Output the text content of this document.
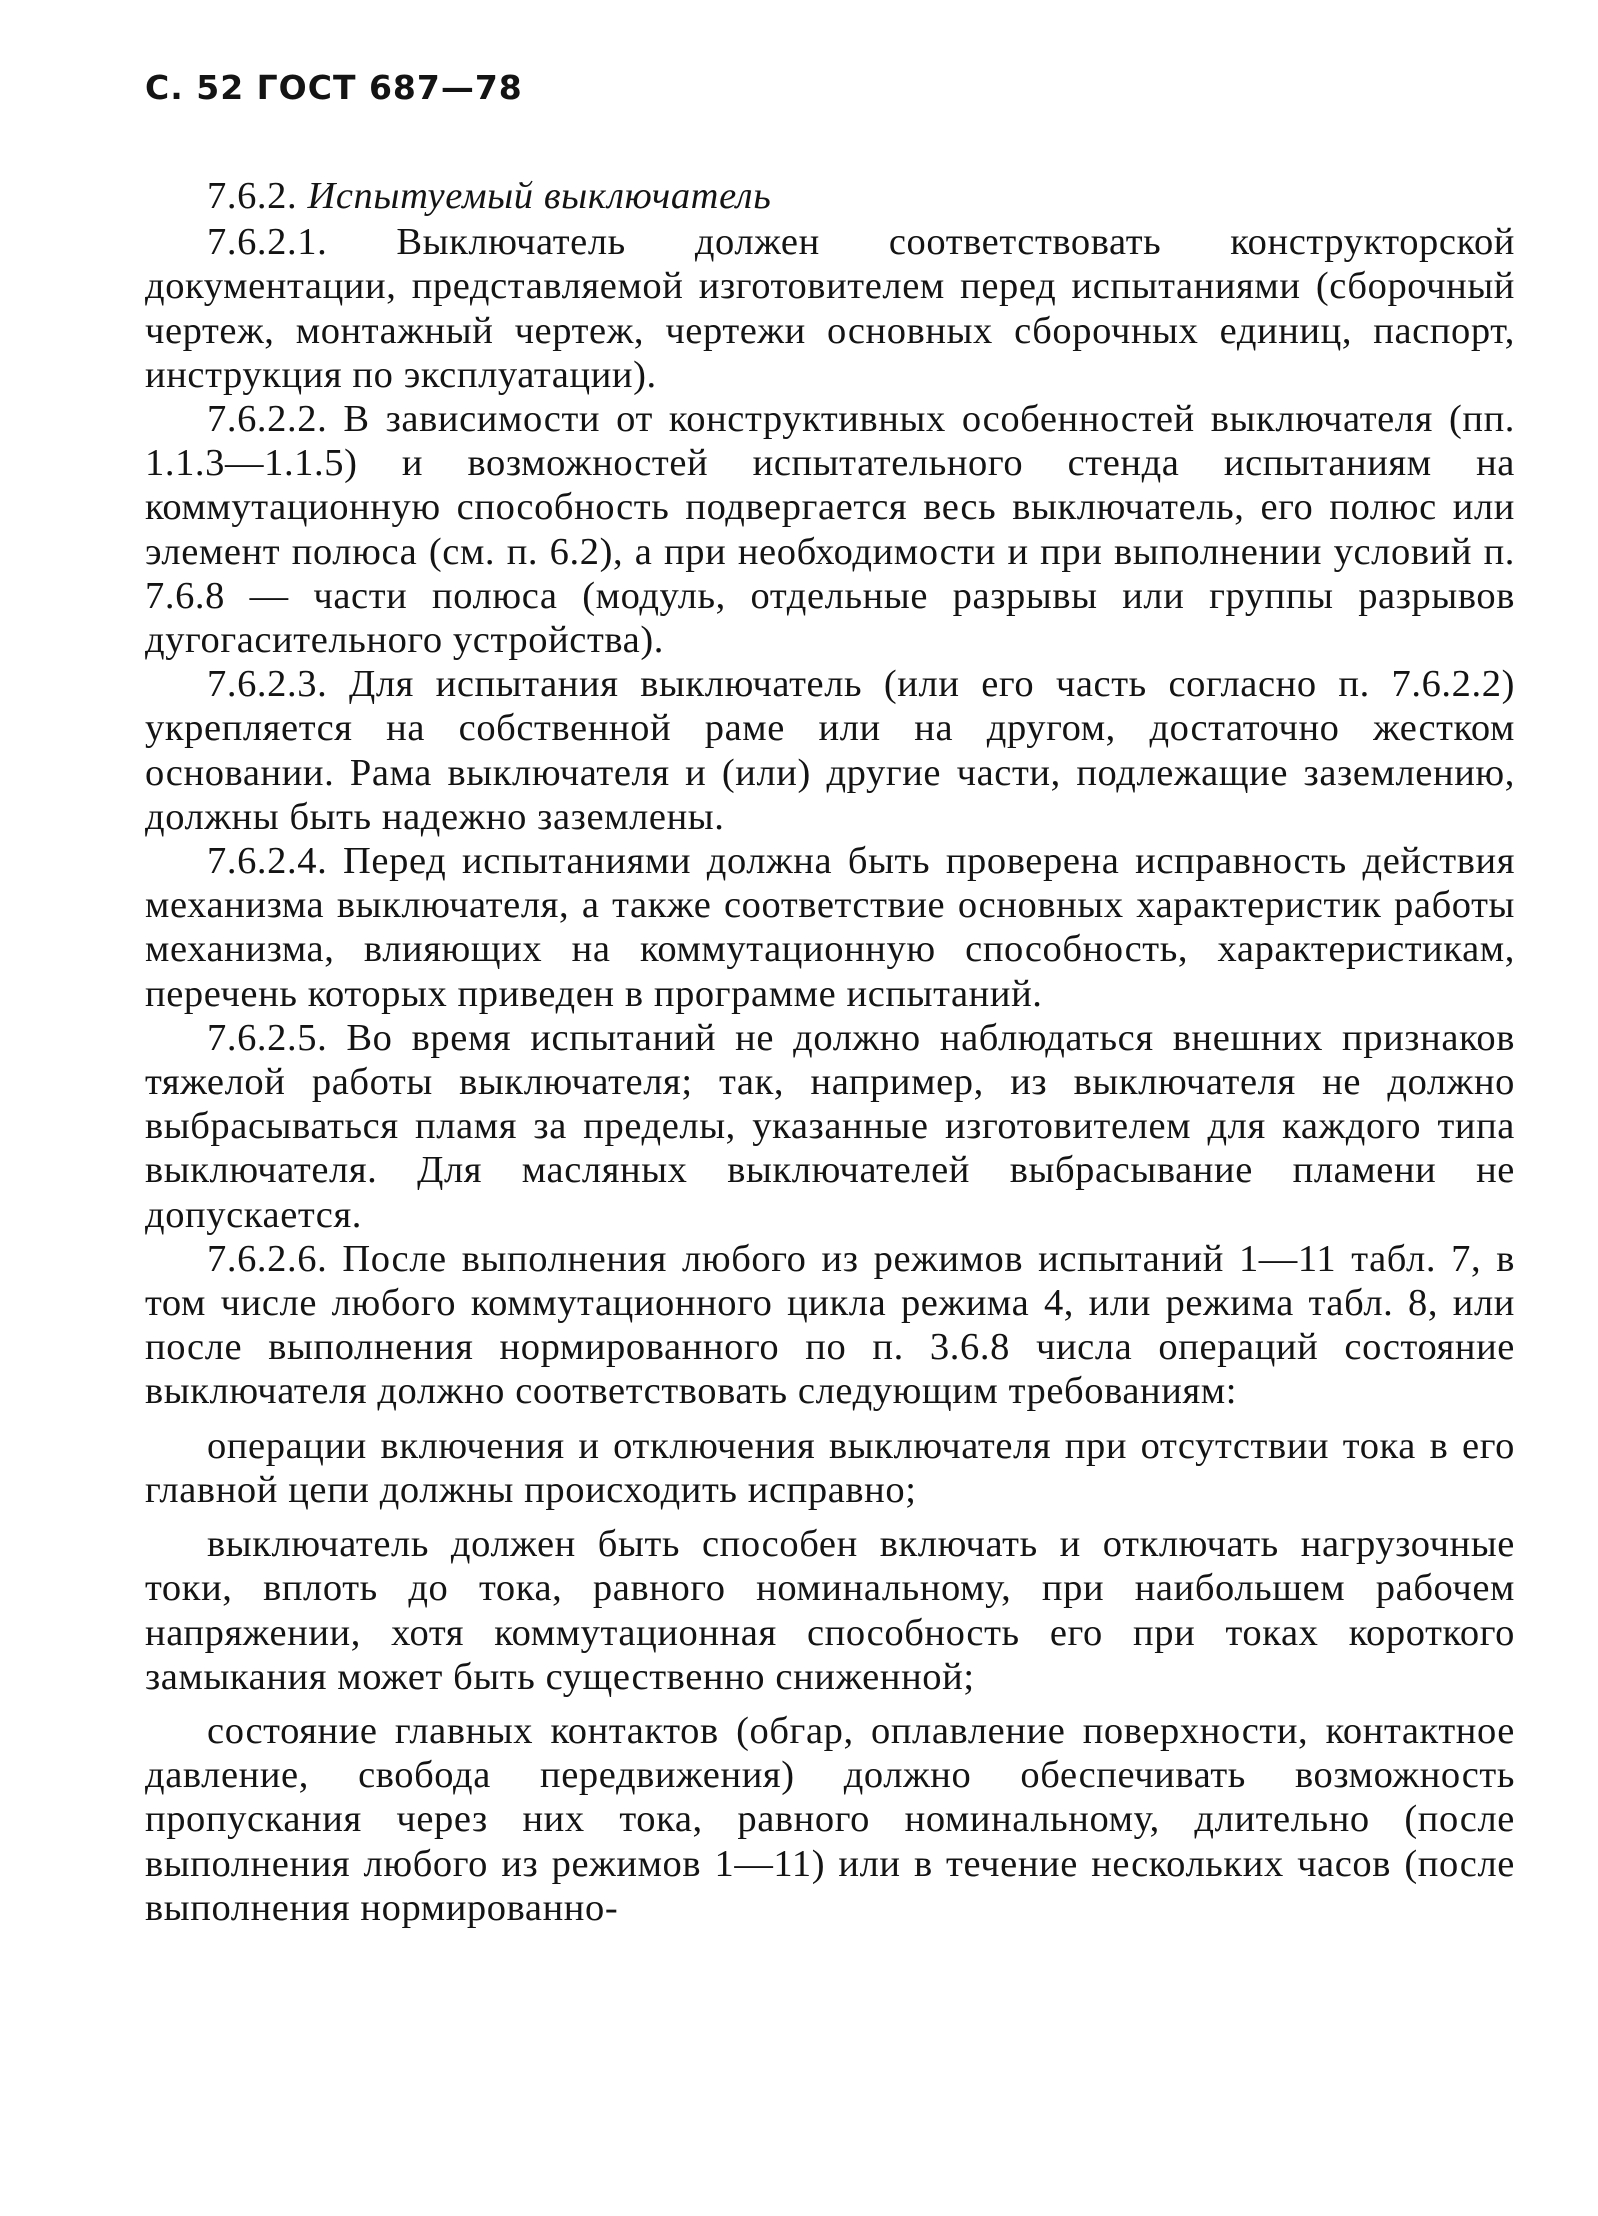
С. 52 ГОСТ 687—78

7.6.2. Испытуемый выключатель

7.6.2.1. Выключатель должен соответствовать конструкторской документации, представляемой изготовителем перед испытаниями (сборочный чертеж, монтажный чертеж, чертежи основных сборочных единиц, паспорт, инструкция по эксплуатации).

7.6.2.2. В зависимости от конструктивных особенностей выключателя (пп. 1.1.3—1.1.5) и возможностей испытательного стенда испытаниям на коммутационную способность подвергается весь выключатель, его полюс или элемент полюса (см. п. 6.2), а при необходимости и при выполнении условий п. 7.6.8 — части полюса (модуль, отдельные разрывы или группы разрывов дугогасительного устройства).

7.6.2.3. Для испытания выключатель (или его часть согласно п. 7.6.2.2) укрепляется на собственной раме или на другом, достаточно жестком основании. Рама выключателя и (или) другие части, подлежащие заземлению, должны быть надежно заземлены.

7.6.2.4. Перед испытаниями должна быть проверена исправность действия механизма выключателя, а также соответствие основных характеристик работы механизма, влияющих на коммутационную способность, характеристикам, перечень которых приведен в программе испытаний.

7.6.2.5. Во время испытаний не должно наблюдаться внешних признаков тяжелой работы выключателя; так, например, из выключателя не должно выбрасываться пламя за пределы, указанные изготовителем для каждого типа выключателя. Для масляных выключателей выбрасывание пламени не допускается.

7.6.2.6. После выполнения любого из режимов испытаний 1—11 табл. 7, в том числе любого коммутационного цикла режима 4, или режима табл. 8, или после выполнения нормированного по п. 3.6.8 числа операций состояние выключателя должно соответствовать следующим требованиям:

операции включения и отключения выключателя при отсутствии тока в его главной цепи должны происходить исправно;

выключатель должен быть способен включать и отключать нагрузочные токи, вплоть до тока, равного номинальному, при наибольшем рабочем напряжении, хотя коммутационная способность его при токах короткого замыкания может быть существенно сниженной;

состояние главных контактов (обгар, оплавление поверхности, контактное давление, свобода передвижения) должно обеспечивать возможность пропускания через них тока, равного номинальному, длительно (после выполнения любого из режимов 1—11) или в течение нескольких часов (после выполнения нормированно-
